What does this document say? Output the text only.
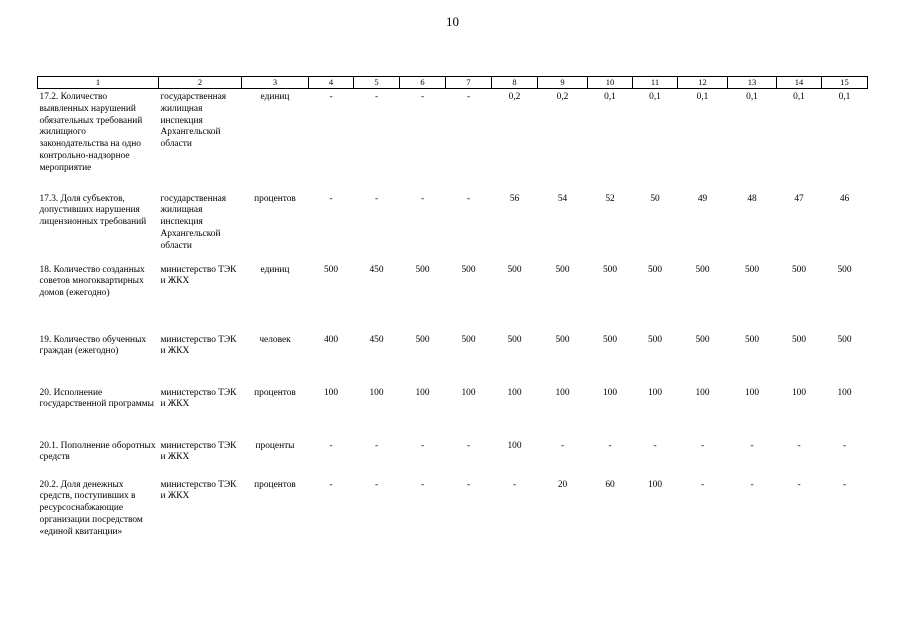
10
1	2	3	4	5	6	7	8	9	10	11	12	13	14	15
17.2. Количество выявленных нарушений обязательных требований жилищного законодательства на одно контрольно-надзорное мероприятие	государственная жилищная инспекция Архангельской области	единиц	-	-	-	-	0,2	0,2	0,1	0,1	0,1	0,1	0,1	0,1
17.3. Доля субъектов, допустивших нарушения лицензионных требований	государственная жилищная инспекция Архангельской области	процентов	-	-	-	-	56	54	52	50	49	48	47	46
18. Количество созданных советов многоквартирных домов (ежегодно)	министерство ТЭК и ЖКХ	единиц	500	450	500	500	500	500	500	500	500	500	500	500
19. Количество обученных граждан (ежегодно)	министерство ТЭК и ЖКХ	человек	400	450	500	500	500	500	500	500	500	500	500	500
20. Исполнение государственной программы	министерство ТЭК и ЖКХ	процентов	100	100	100	100	100	100	100	100	100	100	100	100
20.1. Пополнение оборотных средств	министерство ТЭК и ЖКХ	проценты	-	-	-	-	100	-	-	-	-	-	-	-
20.2. Доля денежных средств, поступивших в ресурсоснабжающие организации посредством «единой квитанции»	министерство ТЭК и ЖКХ	процентов	-	-	-	-	-	20	60	100	-	-	-	-
